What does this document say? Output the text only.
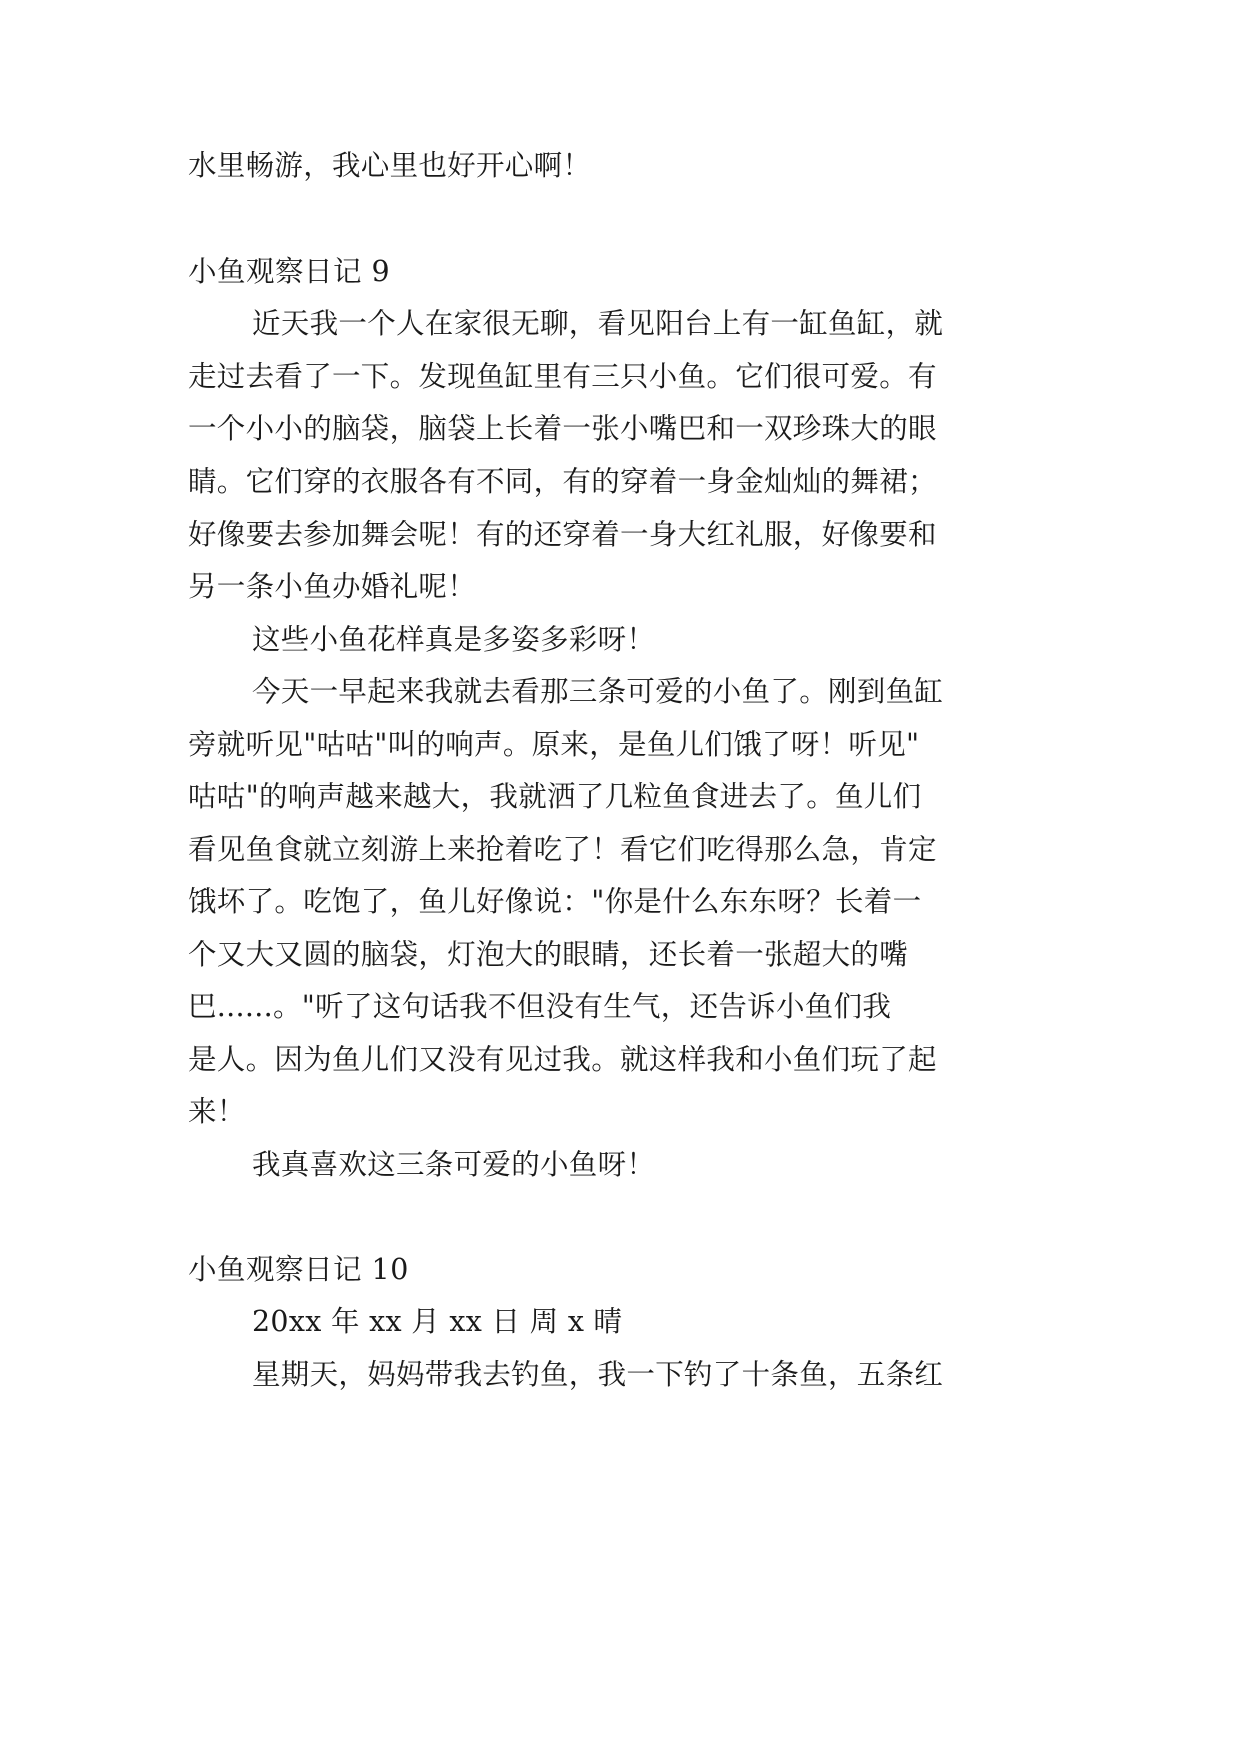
水里畅游，我心里也好开心啊！
小鱼观察日记 9
近天我一个人在家很无聊，看见阳台上有一缸鱼缸，就
走过去看了一下。发现鱼缸里有三只小鱼。它们很可爱。有
一个小小的脑袋，脑袋上长着一张小嘴巴和一双珍珠大的眼
睛。它们穿的衣服各有不同，有的穿着一身金灿灿的舞裙；
好像要去参加舞会呢！有的还穿着一身大红礼服，好像要和
另一条小鱼办婚礼呢！
这些小鱼花样真是多姿多彩呀！
今天一早起来我就去看那三条可爱的小鱼了。刚到鱼缸
旁就听见"咕咕"叫的响声。原来，是鱼儿们饿了呀！听见"
咕咕"的响声越来越大，我就洒了几粒鱼食进去了。鱼儿们
看见鱼食就立刻游上来抢着吃了！看它们吃得那么急，肯定
饿坏了。吃饱了，鱼儿好像说："你是什么东东呀？长着一
个又大又圆的脑袋，灯泡大的眼睛，还长着一张超大的嘴
巴......。"听了这句话我不但没有生气，还告诉小鱼们我
是人。因为鱼儿们又没有见过我。就这样我和小鱼们玩了起
来！
我真喜欢这三条可爱的小鱼呀！
小鱼观察日记 10
20xx 年 xx 月 xx 日 周 x 晴
星期天，妈妈带我去钓鱼，我一下钓了十条鱼，五条红
